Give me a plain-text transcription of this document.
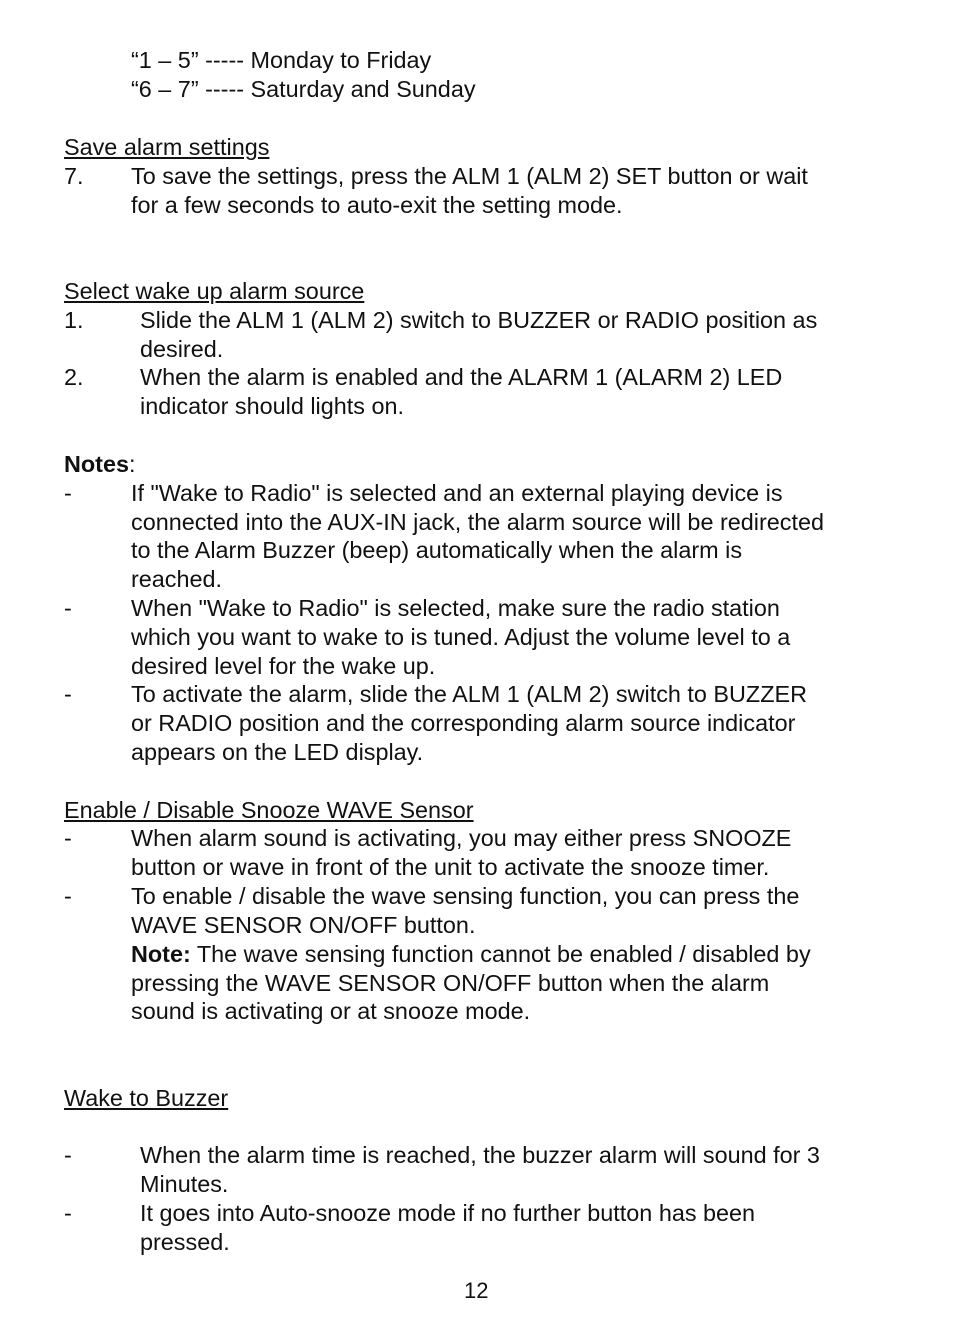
“1 – 5” ----- Monday to Friday
“6 – 7” ----- Saturday and Sunday
Save alarm settings
7. To save the settings, press the ALM 1 (ALM 2) SET button or wait
for a few seconds to auto-exit the setting mode.
Select wake up alarm source
1. Slide the ALM 1 (ALM 2) switch to BUZZER or RADIO position as
desired.
2. When the alarm is enabled and the ALARM 1 (ALARM 2) LED
indicator should lights on.
Notes:
-	If "Wake to Radio" is selected and an external playing device is
connected into the AUX-IN jack, the alarm source will be redirected
to the Alarm Buzzer (beep) automatically when the alarm is
reached.
-	When "Wake to Radio" is selected, make sure the radio station
which you want to wake to is tuned. Adjust the volume level to a
desired level for the wake up.
-	To activate the alarm, slide the ALM 1 (ALM 2) switch to BUZZER
or RADIO position and the corresponding alarm source indicator
appears on the LED display.
Enable / Disable Snooze WAVE Sensor
-	When alarm sound is activating, you may either press SNOOZE
button or wave in front of the unit to activate the snooze timer.
-	To enable / disable the wave sensing function, you can press the
WAVE SENSOR ON/OFF button.
Note: The wave sensing function cannot be enabled / disabled by
pressing the WAVE SENSOR ON/OFF button when the alarm
sound is activating or at snooze mode.
Wake to Buzzer
-	When the alarm time is reached, the buzzer alarm will sound for 3
Minutes.
-	It goes into Auto-snooze mode if no further button has been
pressed.
12
